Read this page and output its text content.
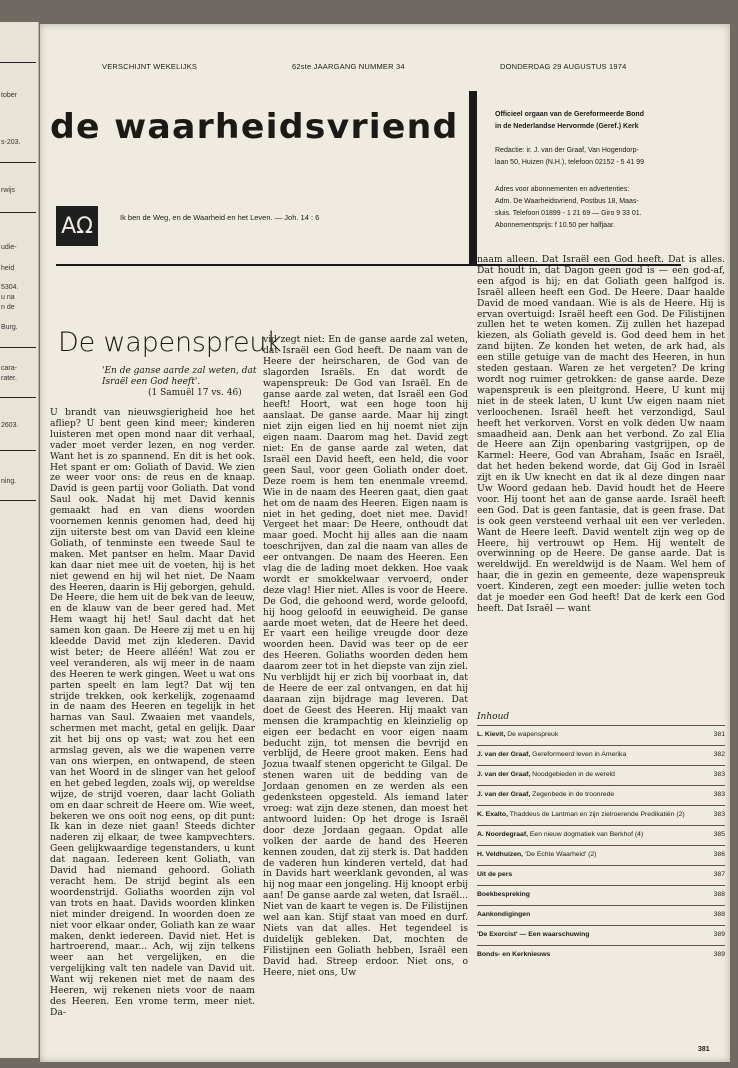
tober
s-203.
rwijs
udie-
heid
5304.
u na
n de
Burg.
cara-
rater.
2603.
ning.
VERSCHIJNT WEKELIJKS	62ste JAARGANG NUMMER 34	DONDERDAG 29 AUGUSTUS 1974
de waarheidsvriend
AΩ	Ik ben de Weg, en de Waarheid en het Leven. — Joh. 14 : 6
Officieel orgaan van de Gereformeerde Bond
in de Nederlandse Hervormde (Geref.) Kerk
Redactie: ir. J. van der Graaf, Van Hogendorp-
laan 50, Huizen (N.H.), telefoon 02152 - 5 41 99
Adres voor abonnementen en advertenties:
Adm. De Waarheidsvriend, Postbus 18, Maas-
sluis. Telefoon 01899 - 1 21 69 — Giro 9 33 01.
Abonnementsprijs: f 10.50 per halfjaar.
De wapenspreuk
'En de ganse aarde zal weten, dat Israël een God heeft'.
(1 Samuël 17 vs. 46)

U brandt van nieuwsgierigheid hoe het afliep? U bent geen kind meer; kinderen luisteren met open mond naar dit verhaal, vader moet verder lezen, en nog verder. Want het is zo spannend. En dit is het ook. Het spant er om: Goliath of David. We zien ze weer voor ons: de reus en de knaap. David is geen partij voor Goliath. Dat vond Saul ook. Nadat hij met David kennis gemaakt had en van diens woorden voornemen kennis genomen had, deed hij zijn uiterste best om van David een kleine Goliath, of tenminste een tweede Saul te maken. Met pantser en helm. Maar David kan daar niet mee uit de voeten, hij is het niet gewend en hij wil het niet. De Naam des Heeren, daarin is Hij geborgen, gehuld. De Heere, die hem uit de bek van de leeuw, en de klauw van de beer gered had. Met Hem waagt hij het! Saul dacht dat het samen kon gaan. De Heere zij met u en hij kleedde David met zijn klederen. David wist beter; de Heere alléén! Wat zou er veel veranderen, als wij meer in de naam des Heeren te werk gingen. Weet u wat ons parten speelt en lam legt? Dat wij ten strijde trekken, ook kerkelijk, zogenaamd in de naam des Heeren en tegelijk in het harnas van Saul. Zwaaien met vaandels, schermen met macht, getal en gelijk. Daar zit het bij ons op vast; wat zou het een armslag geven, als we die wapenen verre van ons wierpen, en ontwapend, de steen van het Woord in de slinger van het geloof en het gebed legden, zoals wij, op wereldse wijze, de strijd voeren, daar lacht Goliath om en daar schreit de Heere om. Wie weet, bekeren we ons ooit nog eens, op dit punt: Ik kan in deze niet gaan! Steeds dichter naderen zij elkaar, de twee kampvechters. Geen gelijkwaardige tegenstanders, u kunt dat nagaan. Iedereen kent Goliath, van David had niemand gehoord. Goliath veracht hem. De strijd begint als een woordenstrijd. Goliaths woorden zijn vol van trots en haat. Davids woorden klinken niet minder dreigend. In woorden doen ze niet voor elkaar onder, Goliath kan ze waar maken, denkt iedereen. David niet. Het is hartroerend, maar... Ach, wij zijn telkens weer aan het vergelijken, en die vergelijking valt ten nadele van David uit. Want wij rekenen niet met de naam des Heeren, wij rekenen niets voor de naam des Heeren. Een vrome term, meer niet. Da-

vid zegt niet: En de ganse aarde zal weten, dat Israël een God heeft. De naam van de Heere der heirscharen, de God van de slagorden Israëls. En dat wordt de wapenspreuk: De God van Israël. En de ganse aarde zal weten, dat Israël een God heeft! Hoort, wat een hoge toon hij aanslaat. De ganse aarde. Maar hij zingt niet zijn eigen lied en hij noemt niet zijn eigen naam. Daarom mag het. David zegt niet: En de ganse aarde zal weten, dat Israël een David heeft, een held, die voor geen Saul, voor geen Goliath onder doet. Deze roem is hem ten enenmale vreemd. Wie in de naam des Heeren gaat, dien gaat het om de naam des Heeren. Eigen naam is niet in het geding, doet niet mee. David! Vergeet het maar: De Heere, onthoudt dat maar goed. Mocht hij alles aan die naam toeschrijven, dan zal die naam van alles de eer ontvangen. De naam des Heeren. Een vlag die de lading moet dekken. Hoe vaak wordt er smokkelwaar vervoerd, onder deze vlag! Hier niet. Alles is voor de Heere. De God, die gehoond werd, worde geloofd, hij hoog geloofd in eeuwigheid. De ganse aarde moet weten, dat de Heere het deed. Er vaart een heilige vreugde door deze woorden heen. David was teer op de eer des Heeren. Goliaths woorden deden hem daarom zeer tot in het diepste van zijn ziel. Nu verblijdt hij er zich bij voorbaat in, dat de Heere de eer zal ontvangen, en dat hij daaraan zijn bijdrage mag leveren. Dat doet de Geest des Heeren. Hij maakt van mensen die krampachtig en kleinzielig op eigen eer bedacht en voor eigen naam beducht zijn, tot mensen die bevrijd en verblijd, de Heere groot maken. Eens had Jozua twaalf stenen opgericht te Gilgal. De stenen waren uit de bedding van de Jordaan genomen en ze werden als een gedenksteen opgesteld. Als iemand later vroeg: wat zijn deze stenen, dan moest het antwoord luiden: Op het droge is Israël door deze Jordaan gegaan. Opdat alle volken der aarde de hand des Heeren kennen zouden, dat zij sterk is. Dat hadden de vaderen hun kinderen verteld, dat had in Davids hart weerklank gevonden, al was hij nog maar een jongeling. Hij knoopt erbij aan! De ganse aarde zal weten, dat Israël... Niet van de kaart te vegen is. De Filistijnen wel aan kan. Stijf staat van moed en durf. Niets van dat alles. Het tegendeel is duidelijk gebleken. Dat, mochten de Filistijnen een Goliath hebben, Israël een David had. Streep erdoor. Niet ons, o Heere, niet ons, Uw

naam alleen. Dat Israël een God heeft. Dat is alles. Dat houdt in, dat Dagon geen god is — een god-af, een afgod is hij; en dat Goliath geen halfgod is. Israël alleen heeft een God. De Heere. Daar haalde David de moed vandaan. Wie is als de Heere. Hij is ervan overtuigd: Israël heeft een God. De Filistijnen zullen het te weten komen. Zij zullen het hazepad kiezen, als Goliath geveld is. God deed hem in het zand bijten. Ze konden het weten, de ark had, als een stille getuige van de macht des Heeren, in hun steden gestaan. Waren ze het vergeten? De kring wordt nog ruimer getrokken: de ganse aarde. Deze wapenspreuk is een pleitgrond. Heere, U kunt mij niet in de steek laten, U kunt Uw eigen naam niet verloochenen. Israël heeft het verzondigd, Saul heeft het verkorven. Vorst en volk deden Uw naam smaadheid aan. Denk aan het verbond. Zo zal Elia de Heere aan Zijn openbaring vastgrijpen, op de Karmel: Heere, God van Abraham, Isaäc en Israël, dat het heden bekend worde, dat Gij God in Israël zijt en ik Uw knecht en dat ik al deze dingen naar Uw Woord gedaan heb. David houdt het de Heere voor. Hij toont het aan de ganse aarde. Israël heeft een God. Dat is geen fantasie, dat is geen frase. Dat is ook geen versteend verhaal uit een ver verleden. Want de Heere leeft. David wentelt zijn weg op de Heere, hij vertrouwt op Hem. Hij wentelt de overwinning op de Heere. De ganse aarde. Dat is wereldwijd. En wereldwijd is de Naam. Wel hem of haar, die in gezin en gemeente, deze wapenspreuk voert. Kinderen, zegt een moeder: jullie weten toch dat je moeder een God heeft! Dat de kerk een God heeft. Dat Israël — want

Inhoud
L. Kievit, De wapenspreuk	381
J. van der Graaf, Gereformeerd leven in Amerika	382
J. van der Graaf, Noodgebieden in de wereld	383
J. van der Graaf, Zegenbede in de troonrede	383
K. Exalto, Thaddeus de Lantman en zijn zielroerende Predikatiën (2)	383
A. Noordegraaf, Een nieuw dogmatiek van Berkhof (4)	385
H. Veldhuizen, 'De Echte Waarheid' (2)	386
Uit de pers	387
Boekbespreking	388
Aankondigingen	388
'De Exorcist' — Een waarschuwing	389
Bonds- en Kerknieuws	389
381
